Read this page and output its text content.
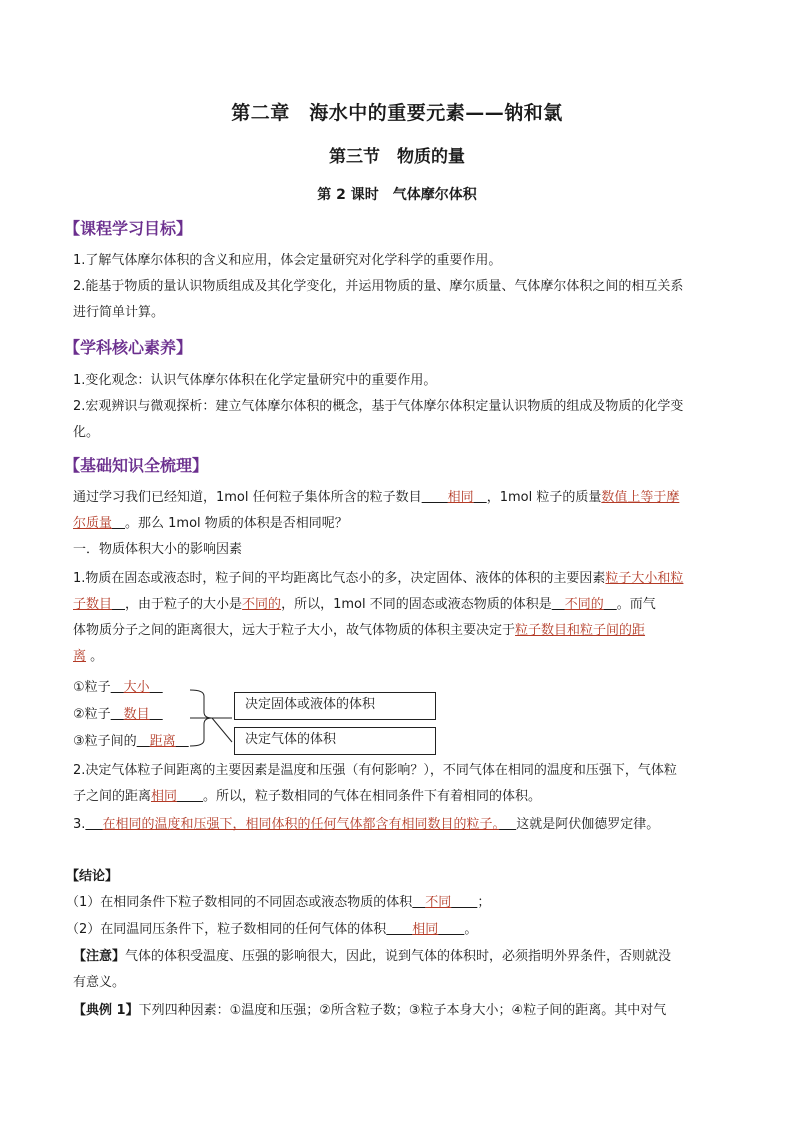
第二章　海水中的重要元素——钠和氯
第三节　物质的量
第 2 课时　气体摩尔体积
【课程学习目标】
1.了解气体摩尔体积的含义和应用，体会定量研究对化学科学的重要作用。
2.能基于物质的量认识物质组成及其化学变化，并运用物质的量、摩尔质量、气体摩尔体积之间的相互关系
进行简单计算。
【学科核心素养】
1.变化观念：认识气体摩尔体积在化学定量研究中的重要作用。
2.宏观辨识与微观探析：建立气体摩尔体积的概念，基于气体摩尔体积定量认识物质的组成及物质的化学变
化。
【基础知识全梳理】
通过学习我们已经知道，1mol 任何粒子集体所含的粒子数目　　 相同　 ，1mol 粒子的质量数值上等于摩
尔质量　 。那么 1mol 物质的体积是否相同呢？
一．物质体积大小的影响因素
1.物质在固态或液态时，粒子间的平均距离比气态小的多，决定固体、液体的体积的主要因素粒子大小和粒
子数目　 ，由于粒子的大小是不同的，所以，1mol 不同的固态或液态物质的体积是　 不同的　 。而气
体物质分子之间的距离很大，远大于粒子大小，故气体物质的体积主要决定于粒子数目和粒子间的距
离 。
①粒子　 大小　
②粒子　 数目　
③粒子间的　 距离　
决定固体或液体的体积
决定气体的体积
2.决定气体粒子间距离的主要因素是温度和压强（有何影响？），不同气体在相同的温度和压强下，气体粒
子之间的距离相同　　 。所以，粒子数相同的气体在相同条件下有着相同的体积。
3.　 在相同的温度和压强下，相同体积的任何气体都含有相同数目的粒子。　 这就是阿伏伽德罗定律。
【结论】
（1）在相同条件下粒子数相同的不同固态或液态物质的体积　 不同　　 ；
（2）在同温同压条件下，粒子数相同的任何气体的体积　　 相同　　 。
【注意】气体的体积受温度、压强的影响很大，因此，说到气体的体积时，必须指明外界条件，否则就没
有意义。
【典例 1】下列四种因素：①温度和压强；②所含粒子数；③粒子本身大小；④粒子间的距离。其中对气
